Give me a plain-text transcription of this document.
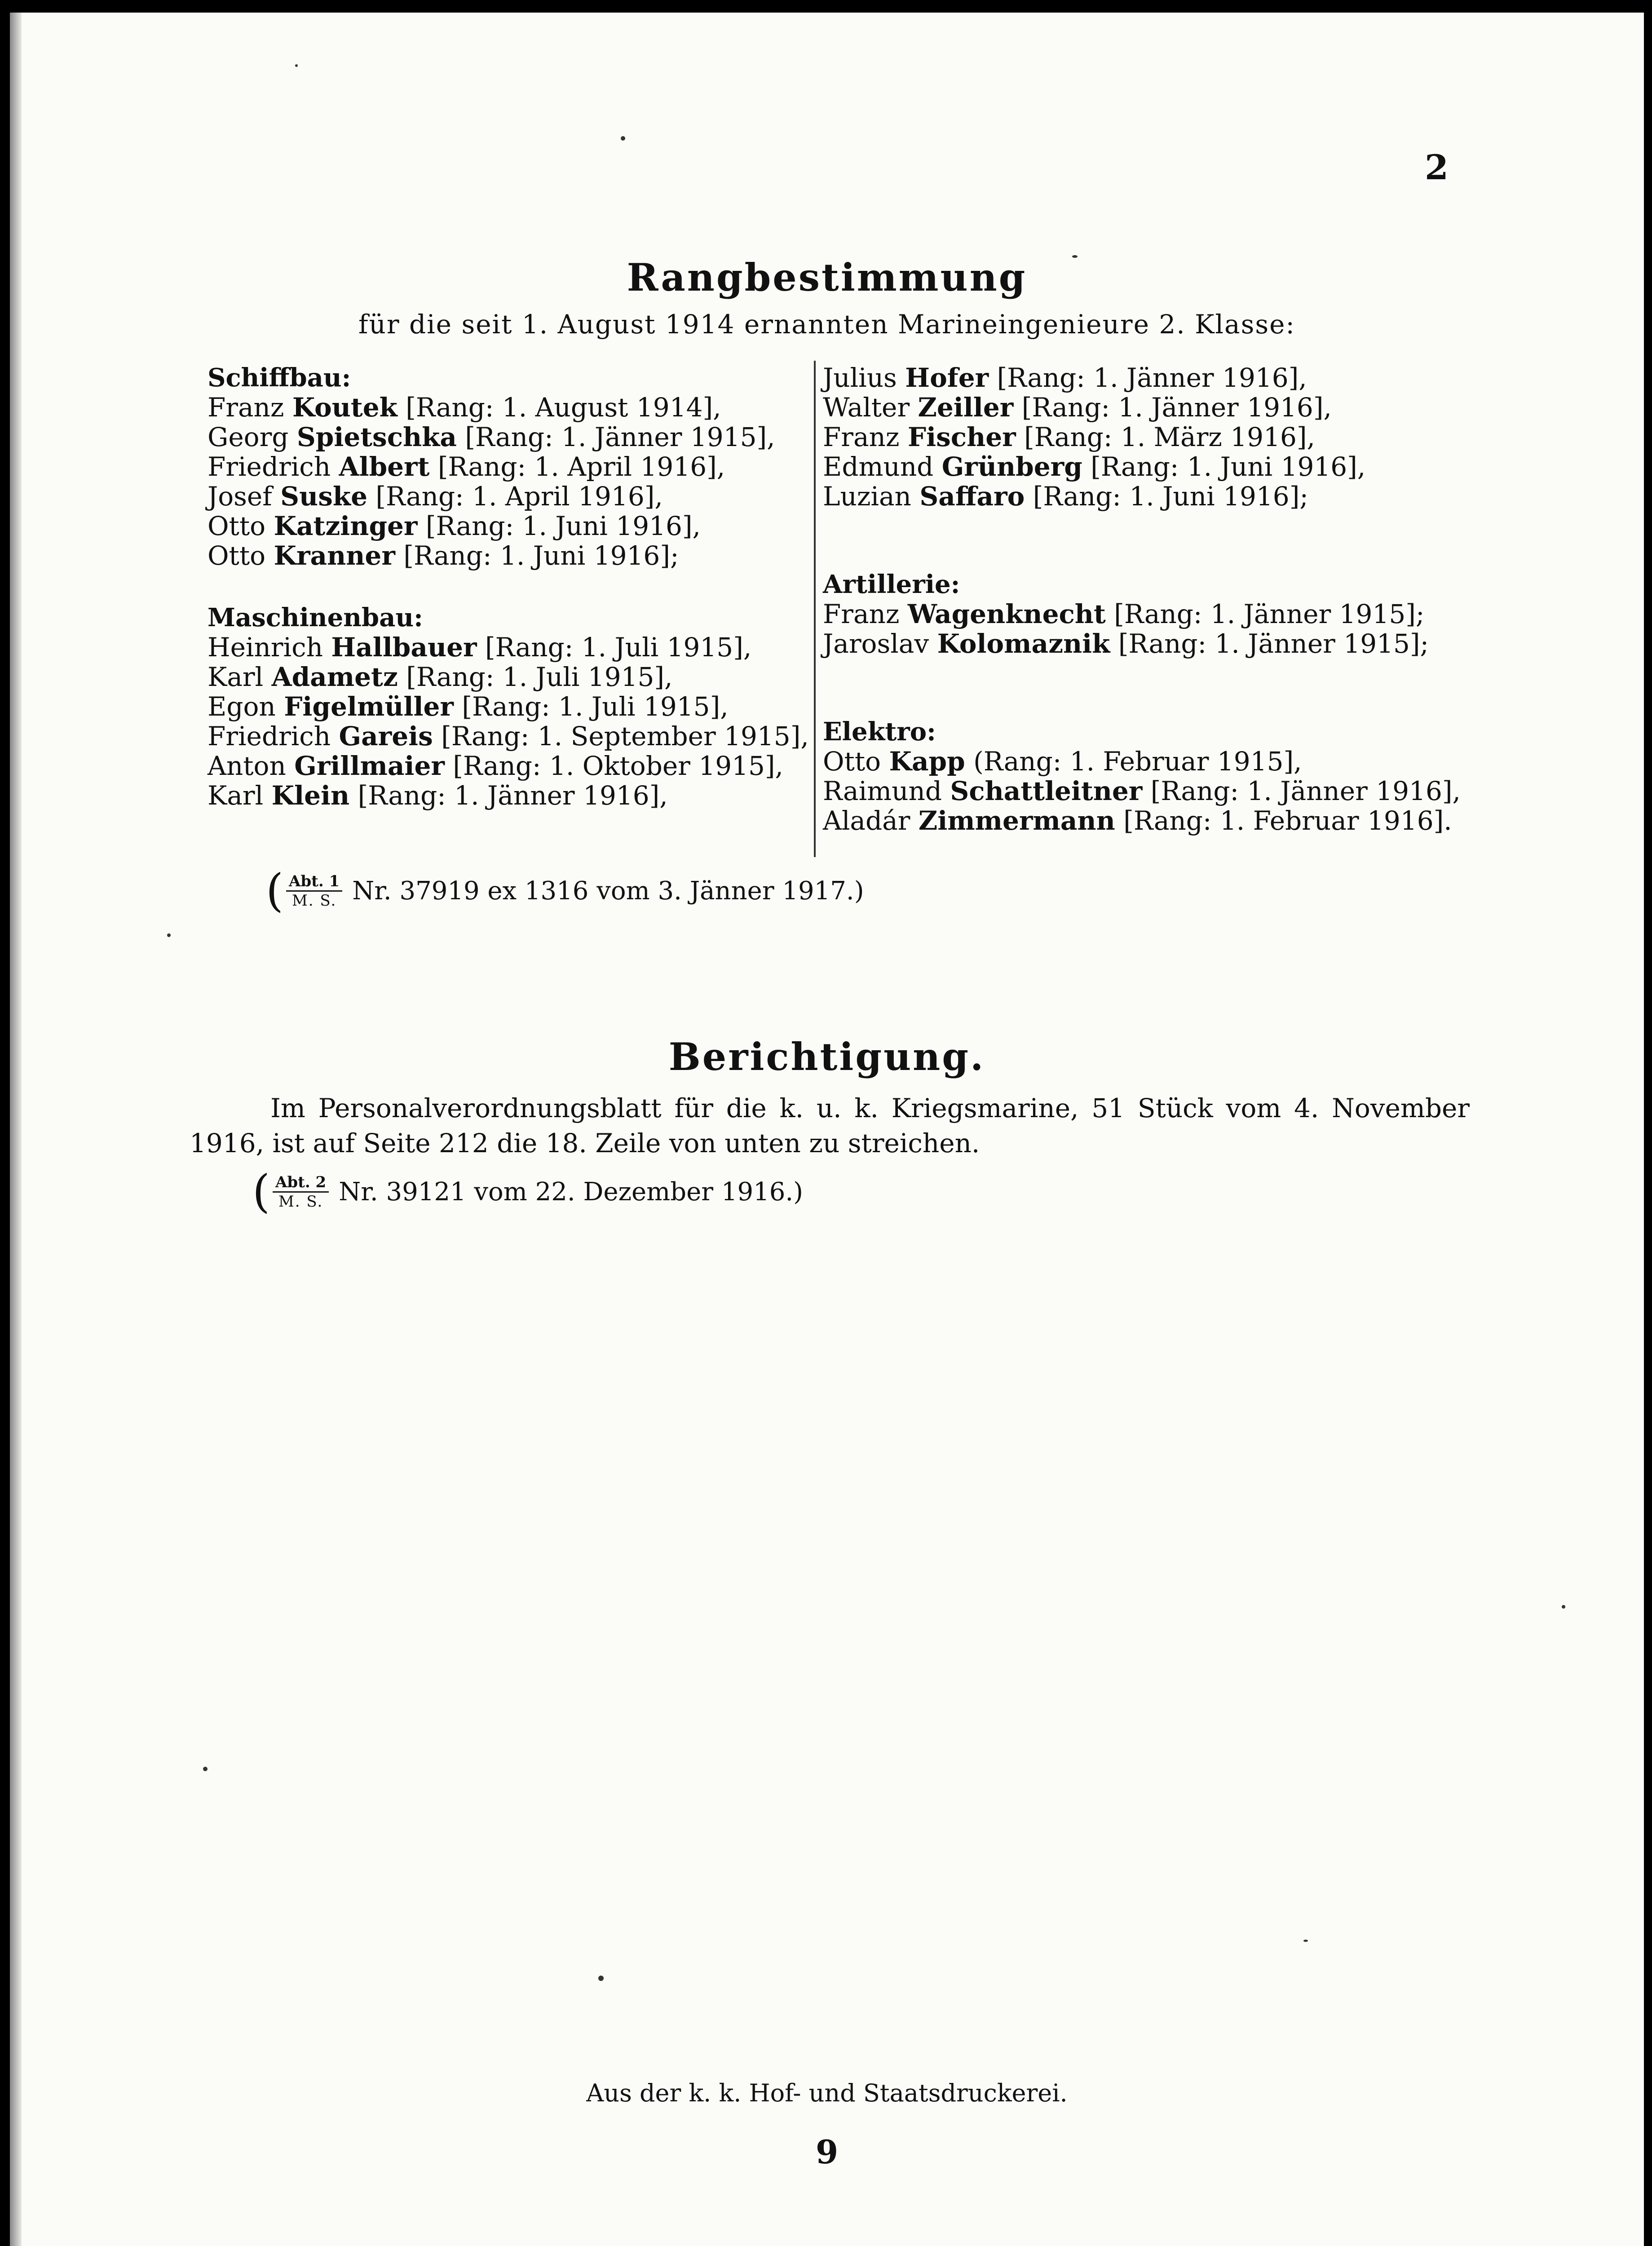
2
Rangbestimmung
für die seit 1. August 1914 ernannten Marineingenieure 2. Klasse:
Schiffbau:
Franz Koutek [Rang: 1. August 1914],
Georg Spietschka [Rang: 1. Jänner 1915],
Friedrich Albert [Rang: 1. April 1916],
Josef Suske [Rang: 1. April 1916],
Otto Katzinger [Rang: 1. Juni 1916],
Otto Kranner [Rang: 1. Juni 1916];
Maschinenbau:
Heinrich Hallbauer [Rang: 1. Juli 1915],
Karl Adametz [Rang: 1. Juli 1915],
Egon Figelmüller [Rang: 1. Juli 1915],
Friedrich Gareis [Rang: 1. September 1915],
Anton Grillmaier [Rang: 1. Oktober 1915],
Karl Klein [Rang: 1. Jänner 1916],
Julius Hofer [Rang: 1. Jänner 1916],
Walter Zeiller [Rang: 1. Jänner 1916],
Franz Fischer [Rang: 1. März 1916],
Edmund Grünberg [Rang: 1. Juni 1916],
Luzian Saffaro [Rang: 1. Juni 1916];
Artillerie:
Franz Wagenknecht [Rang: 1. Jänner 1915];
Jaroslav Kolomaznik [Rang: 1. Jänner 1915];
Elektro:
Otto Kapp (Rang: 1. Februar 1915],
Raimund Schattleitner [Rang: 1. Jänner 1916],
Aladár Zimmermann [Rang: 1. Februar 1916].
( $\frac{\text{Abt. 1}}{M. S.} Nr$. 37919 ex 1316 vom 3. Jänner 1917.)
Berichtigung.
Im Personalverordnungsblatt für die k. u. k. Kriegsmarine, 51 Stück vom 4. November 1916, ist auf Seite 212 die 18. Zeile von unten zu streichen.
( $\frac{\text{Abt. 2}}{M. S.} Nr$. 39121 vom 22. Dezember 1916.)
Aus der k. k. Hof- und Staatsdruckerei.
9
